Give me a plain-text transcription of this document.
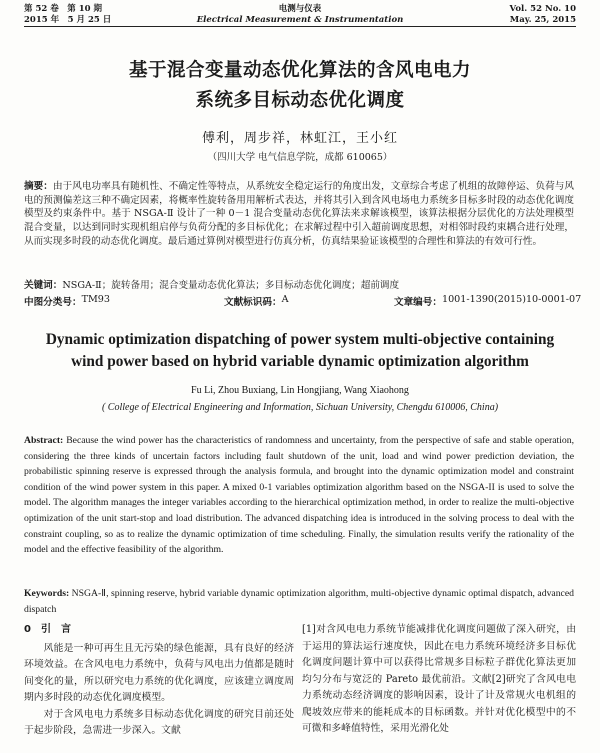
第 52 卷　第 10 期
2015 年　5 月 25 日
电测与仪表
Electrical Measurement & Instrumentation
Vol. 52 No. 10
May. 25, 2015
基于混合变量动态优化算法的含风电电力
系统多目标动态优化调度
傅利，周步祥，林虹江，王小红
（四川大学 电气信息学院，成都 610065）
摘要：由于风电功率具有随机性、不确定性等特点，从系统安全稳定运行的角度出发，文章综合考虑了机组的故障停运、负荷与风电的预测偏差这三种不确定因素，将概率性旋转备用用解析式表达，并将其引入到含风电场电力系统多目标多时段的动态优化调度模型及约束条件中。基于 NSGA-Ⅱ 设计了一种 0－1 混合变量动态优化算法来求解该模型，该算法根据分层优化的方法处理模型混合变量，以达到同时实现机组启停与负荷分配的多目标优化；在求解过程中引入超前调度思想，对相邻时段约束耦合进行处理，从而实现多时段的动态优化调度。最后通过算例对模型进行仿真分析，仿真结果验证该模型的合理性和算法的有效可行性。
关键词：NSGA-Ⅱ；旋转备用；混合变量动态优化算法；多目标动态优化调度；超前调度
中图分类号： TM93	文献标识码： A	文章编号： 1001-1390(2015)10-0001-07
Dynamic optimization dispatching of power system multi-objective containing
wind power based on hybrid variable dynamic optimization algorithm
Fu Li, Zhou Buxiang, Lin Hongjiang, Wang Xiaohong
( College of Electrical Engineering and Information, Sichuan University, Chengdu 610006, China)
Abstract: Because the wind power has the characteristics of randomness and uncertainty, from the perspective of safe and stable operation, considering the three kinds of uncertain factors including fault shutdown of the unit, load and wind power prediction deviation, the probabilistic spinning reserve is expressed through the analysis formula, and brought into the dynamic optimization model and constraint condition of the wind power system in this paper. A mixed 0-1 variables optimization algorithm based on the NSGA-II is used to solve the model. The algorithm manages the integer variables according to the hierarchical optimization method, in order to realize the multi-objective optimization of the unit start-stop and load distribution. The advanced dispatching idea is introduced in the solving process to deal with the constraint coupling, so as to realize the dynamic optimization of time scheduling. Finally, the simulation results verify the rationality of the model and the effective feasibility of the algorithm.
Keywords: NSGA-Ⅱ, spinning reserve, hybrid variable dynamic optimization algorithm, multi-objective dynamic optimal dispatch, advanced dispatch
0　引　言
风能是一种可再生且无污染的绿色能源，具有良好的经济环境效益。在含风电电力系统中，负荷与风电出力值都是随时间变化的量，所以研究电力系统的优化调度，应该建立调度周期内多时段的动态优化调度模型。
对于含风电电力系统多目标动态优化调度的研究目前还处于起步阶段，急需进一步深入。文献
[1]对含风电电力系统节能减排优化调度问题做了深入研究，由于运用的算法运行速度快，因此在电力系统环境经济多目标优化调度问题计算中可以获得比常规多目标粒子群优化算法更加均匀分布与宽泛的 Pareto 最优前沿。文献[2]研究了含风电电力系统动态经济调度的影响因素，设计了计及常规火电机组的爬坡效应带来的能耗成本的目标函数。并针对优化模型中的不可微和多峰值特性，采用光滑化处
